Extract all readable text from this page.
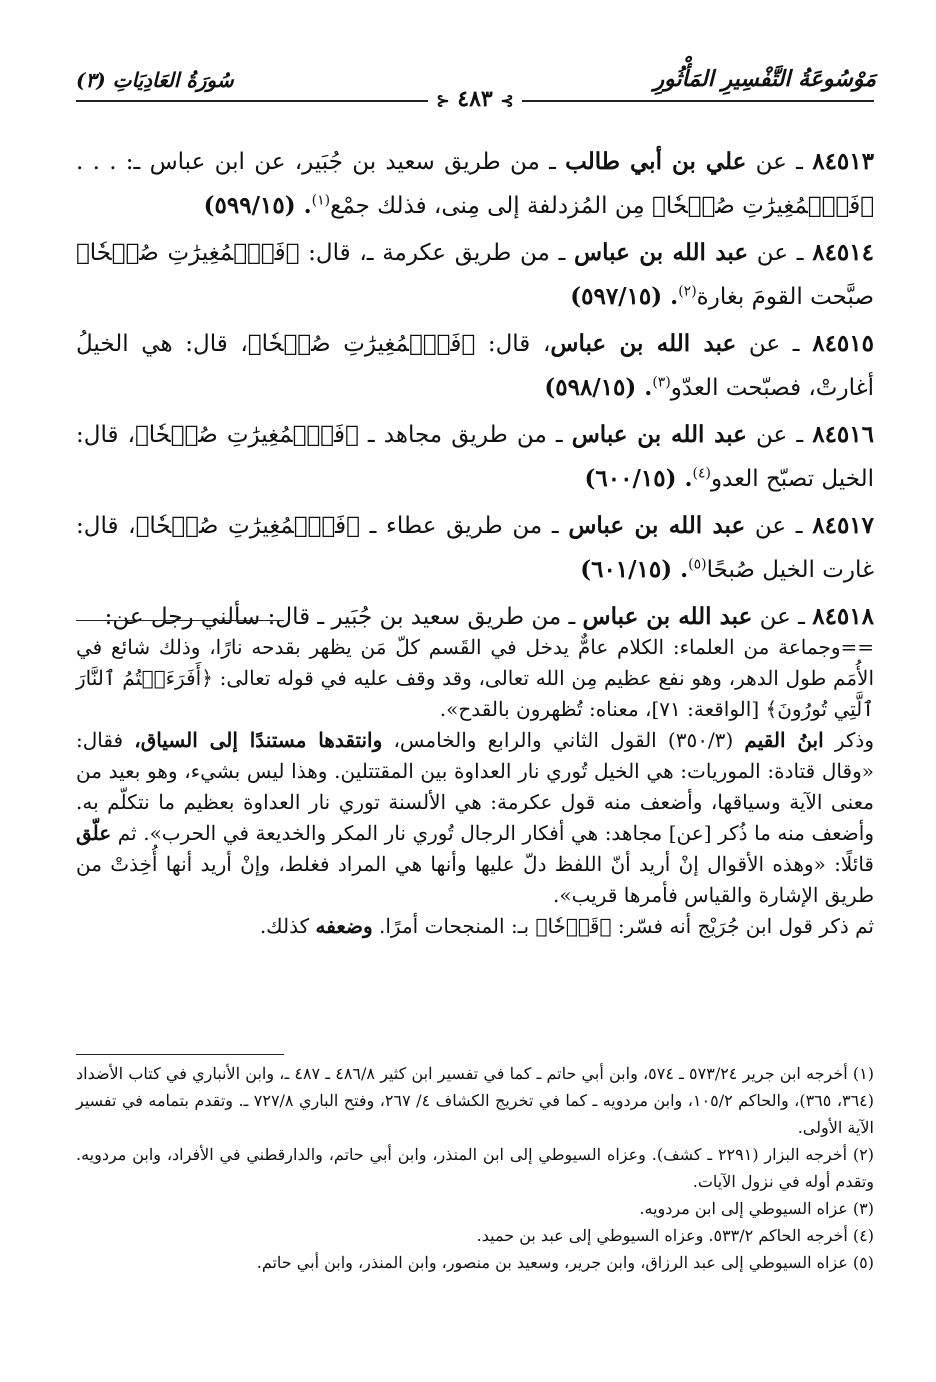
مَوْسُوعَةُ التَّفْسِيرِ المَأْثُورِ
سُورَةُ العَادِيَاتِ (٣)
⊱ ٤٨٣ ⊰

٨٤٥١٣ ـ عن علي بن أبي طالب ـ من طريق سعيد بن جُبَير، عن ابن عباس ـ: . . . ﴿فَٱلۡمُغِيرَٰتِ صُبۡحٗا﴾ مِن المُزدلفة إلى مِنى، فذلك جمْع$^{(١)}$. (٥٩٩/١٥)

٨٤٥١٤ ـ عن عبد الله بن عباس ـ من طريق عكرمة ـ، قال: ﴿فَٱلۡمُغِيرَٰتِ صُبۡحٗا﴾ صبَّحت القومَ بغارة$^{(٢)}$. (٥٩٧/١٥)

٨٤٥١٥ ـ عن عبد الله بن عباس، قال: ﴿فَٱلۡمُغِيرَٰتِ صُبۡحٗا﴾، قال: هي الخيلُ أغارتْ، فصبّحت العدّو$^{(٣)}$. (٥٩٨/١٥)

٨٤٥١٦ ـ عن عبد الله بن عباس ـ من طريق مجاهد ـ ﴿فَٱلۡمُغِيرَٰتِ صُبۡحٗا﴾، قال: الخيل تصبّح العدو$^{(٤)}$. (٦٠٠/١٥)

٨٤٥١٧ ـ عن عبد الله بن عباس ـ من طريق عطاء ـ ﴿فَٱلۡمُغِيرَٰتِ صُبۡحٗا﴾، قال: غارت الخيل صُبحًا$^{(٥)}$. (٦٠١/١٥)

٨٤٥١٨ ـ عن عبد الله بن عباس ـ من طريق سعيد بن جُبَير ـ قال: سألني رجل عن:

==وجماعة من العلماء: الكلام عامٌّ يدخل في القَسم كلّ مَن يظهر بقدحه نارًا، وذلك شائع في الأُمَم طول الدهر، وهو نفع عظيم مِن الله تعالى، وقد وقف عليه في قوله تعالى: ﴿أَفَرَءَيۡتُمُ ٱلنَّارَ ٱلَّتِي تُورُونَ﴾ [الواقعة: ٧١]، معناه: تُظهرون بالقدح».

وذكر ابنُ القيم (٣٥٠/٣) القول الثاني والرابع والخامس، وانتقدها مستندًا إلى السياق، فقال: «وقال قتادة: الموريات: هي الخيل تُوري نار العداوة بين المقتتلين. وهذا ليس بشيء، وهو بعيد من معنى الآية وسياقها، وأضعف منه قول عكرمة: هي الألسنة توري نار العداوة بعظيم ما نتكلّم به. وأضعف منه ما ذُكر [عن] مجاهد: هي أفكار الرجال تُوري نار المكر والخديعة في الحرب». ثم علّق قائلًا: «وهذه الأقوال إنْ أريد أنّ اللفظ دلّ عليها وأنها هي المراد فغلط، وإنْ أريد أنها أُخِذتْ من طريق الإشارة والقياس فأمرها قريب».

ثم ذكر قول ابن جُرَيْج أنه فسّر: ﴿قَدۡحٗا﴾ بـ: المنجحات أمرًا. وضعفه كذلك.

(١) أخرجه ابن جرير ٥٧٣/٢٤ ـ ٥٧٤، وابن أبي حاتم ـ كما في تفسير ابن كثير ٤٨٦/٨ ـ ٤٨٧ ـ، وابن الأنباري في كتاب الأضداد (٣٦٤، ٣٦٥)، والحاكم ١٠٥/٢، وابن مردويه ـ كما في تخريج الكشاف ٤/ ٢٦٧، وفتح الباري ٧٢٧/٨ ـ. وتقدم بتمامه في تفسير الآية الأولى.

(٢) أخرجه البزار (٢٢٩١ ـ كشف). وعزاه السيوطي إلى ابن المنذر، وابن أبي حاتم، والدارقطني في الأفراد، وابن مردويه. وتقدم أوله في نزول الآيات.

(٣) عزاه السيوطي إلى ابن مردويه.

(٤) أخرجه الحاكم ٥٣٣/٢. وعزاه السيوطي إلى عبد بن حميد.

(٥) عزاه السيوطي إلى عبد الرزاق، وابن جرير، وسعيد بن منصور، وابن المنذر، وابن أبي حاتم.
